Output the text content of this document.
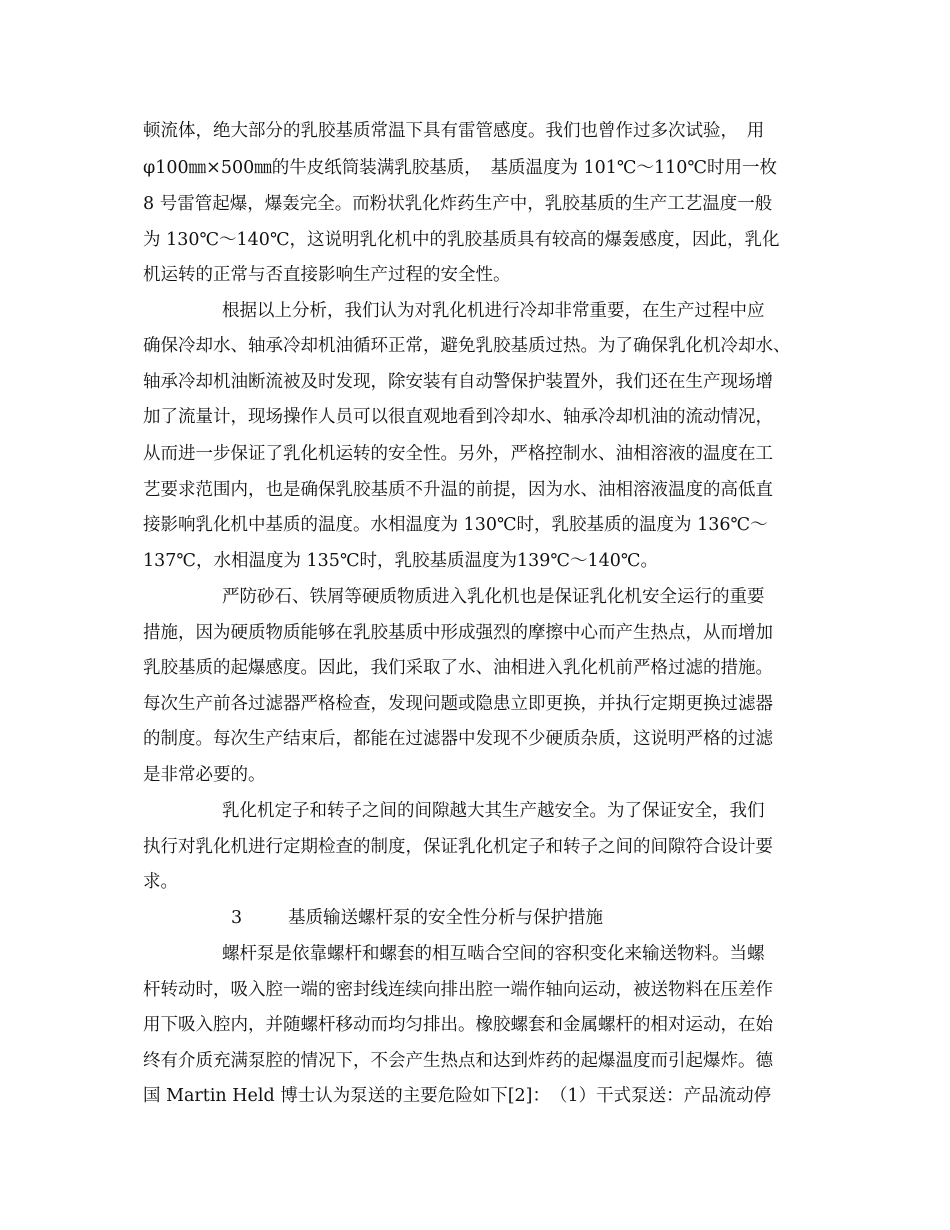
顿流体，绝大部分的乳胶基质常温下具有雷管感度。我们也曾作过多次试验，　用
φ100㎜×500㎜的牛皮纸筒装满乳胶基质，　基质温度为 101℃～110℃时用一枚
8 号雷管起爆，爆轰完全。而粉状乳化炸药生产中，乳胶基质的生产工艺温度一般
为 130℃～140℃，这说明乳化机中的乳胶基质具有较高的爆轰感度，因此，乳化
机运转的正常与否直接影响生产过程的安全性。
根据以上分析，我们认为对乳化机进行冷却非常重要，在生产过程中应
确保冷却水、轴承冷却机油循环正常，避免乳胶基质过热。为了确保乳化机冷却水、
轴承冷却机油断流被及时发现，除安装有自动警保护装置外，我们还在生产现场增
加了流量计，现场操作人员可以很直观地看到冷却水、轴承冷却机油的流动情况，
从而进一步保证了乳化机运转的安全性。另外，严格控制水、油相溶液的温度在工
艺要求范围内，也是确保乳胶基质不升温的前提，因为水、油相溶液温度的高低直
接影响乳化机中基质的温度。水相温度为 130℃时，乳胶基质的温度为 136℃～
137℃，水相温度为 135℃时，乳胶基质温度为139℃～140℃。
严防砂石、铁屑等硬质物质进入乳化机也是保证乳化机安全运行的重要
措施，因为硬质物质能够在乳胶基质中形成强烈的摩擦中心而产生热点，从而增加
乳胶基质的起爆感度。因此，我们采取了水、油相进入乳化机前严格过滤的措施。
每次生产前各过滤器严格检查，发现问题或隐患立即更换，并执行定期更换过滤器
的制度。每次生产结束后，都能在过滤器中发现不少硬质杂质，这说明严格的过滤
是非常必要的。
乳化机定子和转子之间的间隙越大其生产越安全。为了保证安全，我们
执行对乳化机进行定期检查的制度，保证乳化机定子和转子之间的间隙符合设计要
求。
3	基质输送螺杆泵的安全性分析与保护措施
螺杆泵是依靠螺杆和螺套的相互啮合空间的容积变化来输送物料。当螺
杆转动时，吸入腔一端的密封线连续向排出腔一端作轴向运动，被送物料在压差作
用下吸入腔内，并随螺杆移动而均匀排出。橡胶螺套和金属螺杆的相对运动，在始
终有介质充满泵腔的情况下，不会产生热点和达到炸药的起爆温度而引起爆炸。德
国 Martin Held 博士认为泵送的主要危险如下[2]：　（1）干式泵送：产品流动停
